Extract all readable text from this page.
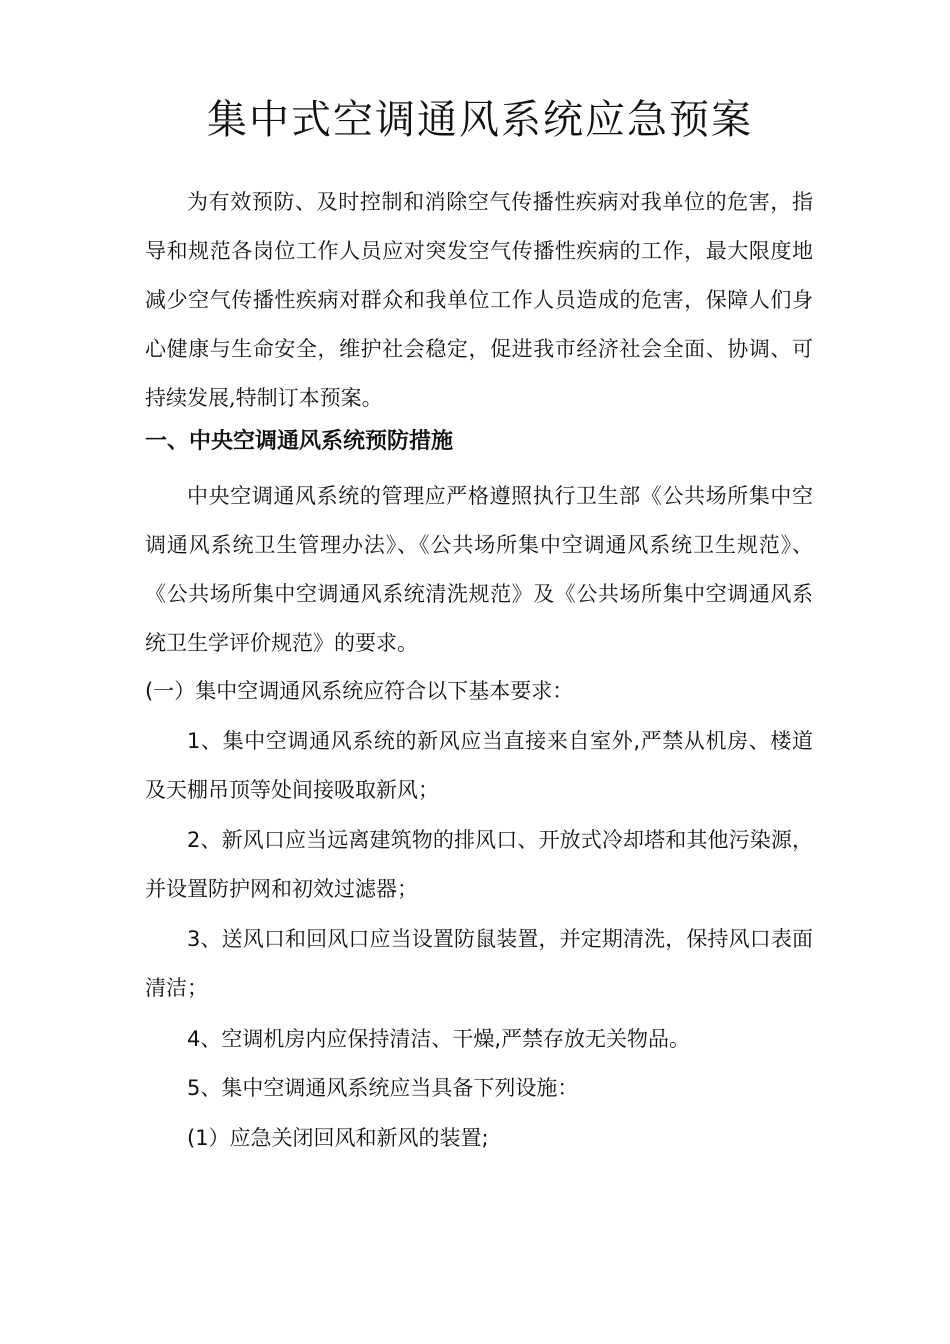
集中式空调通风系统应急预案

为有效预防、及时控制和消除空气传播性疾病对我单位的危害，指导和规范各岗位工作人员应对突发空气传播性疾病的工作，最大限度地减少空气传播性疾病对群众和我单位工作人员造成的危害，保障人们身心健康与生命安全，维护社会稳定，促进我市经济社会全面、协调、可持续发展,特制订本预案。

一、中央空调通风系统预防措施

中央空调通风系统的管理应严格遵照执行卫生部《公共场所集中空调通风系统卫生管理办法》、《公共场所集中空调通风系统卫生规范》、《公共场所集中空调通风系统清洗规范》及《公共场所集中空调通风系统卫生学评价规范》的要求。

(一）集中空调通风系统应符合以下基本要求：

1、集中空调通风系统的新风应当直接来自室外,严禁从机房、楼道及天棚吊顶等处间接吸取新风；

2、新风口应当远离建筑物的排风口、开放式冷却塔和其他污染源，并设置防护网和初效过滤器；

3、送风口和回风口应当设置防鼠装置，并定期清洗，保持风口表面清洁；

4、空调机房内应保持清洁、干燥,严禁存放无关物品。

5、集中空调通风系统应当具备下列设施：

(1）应急关闭回风和新风的装置;
